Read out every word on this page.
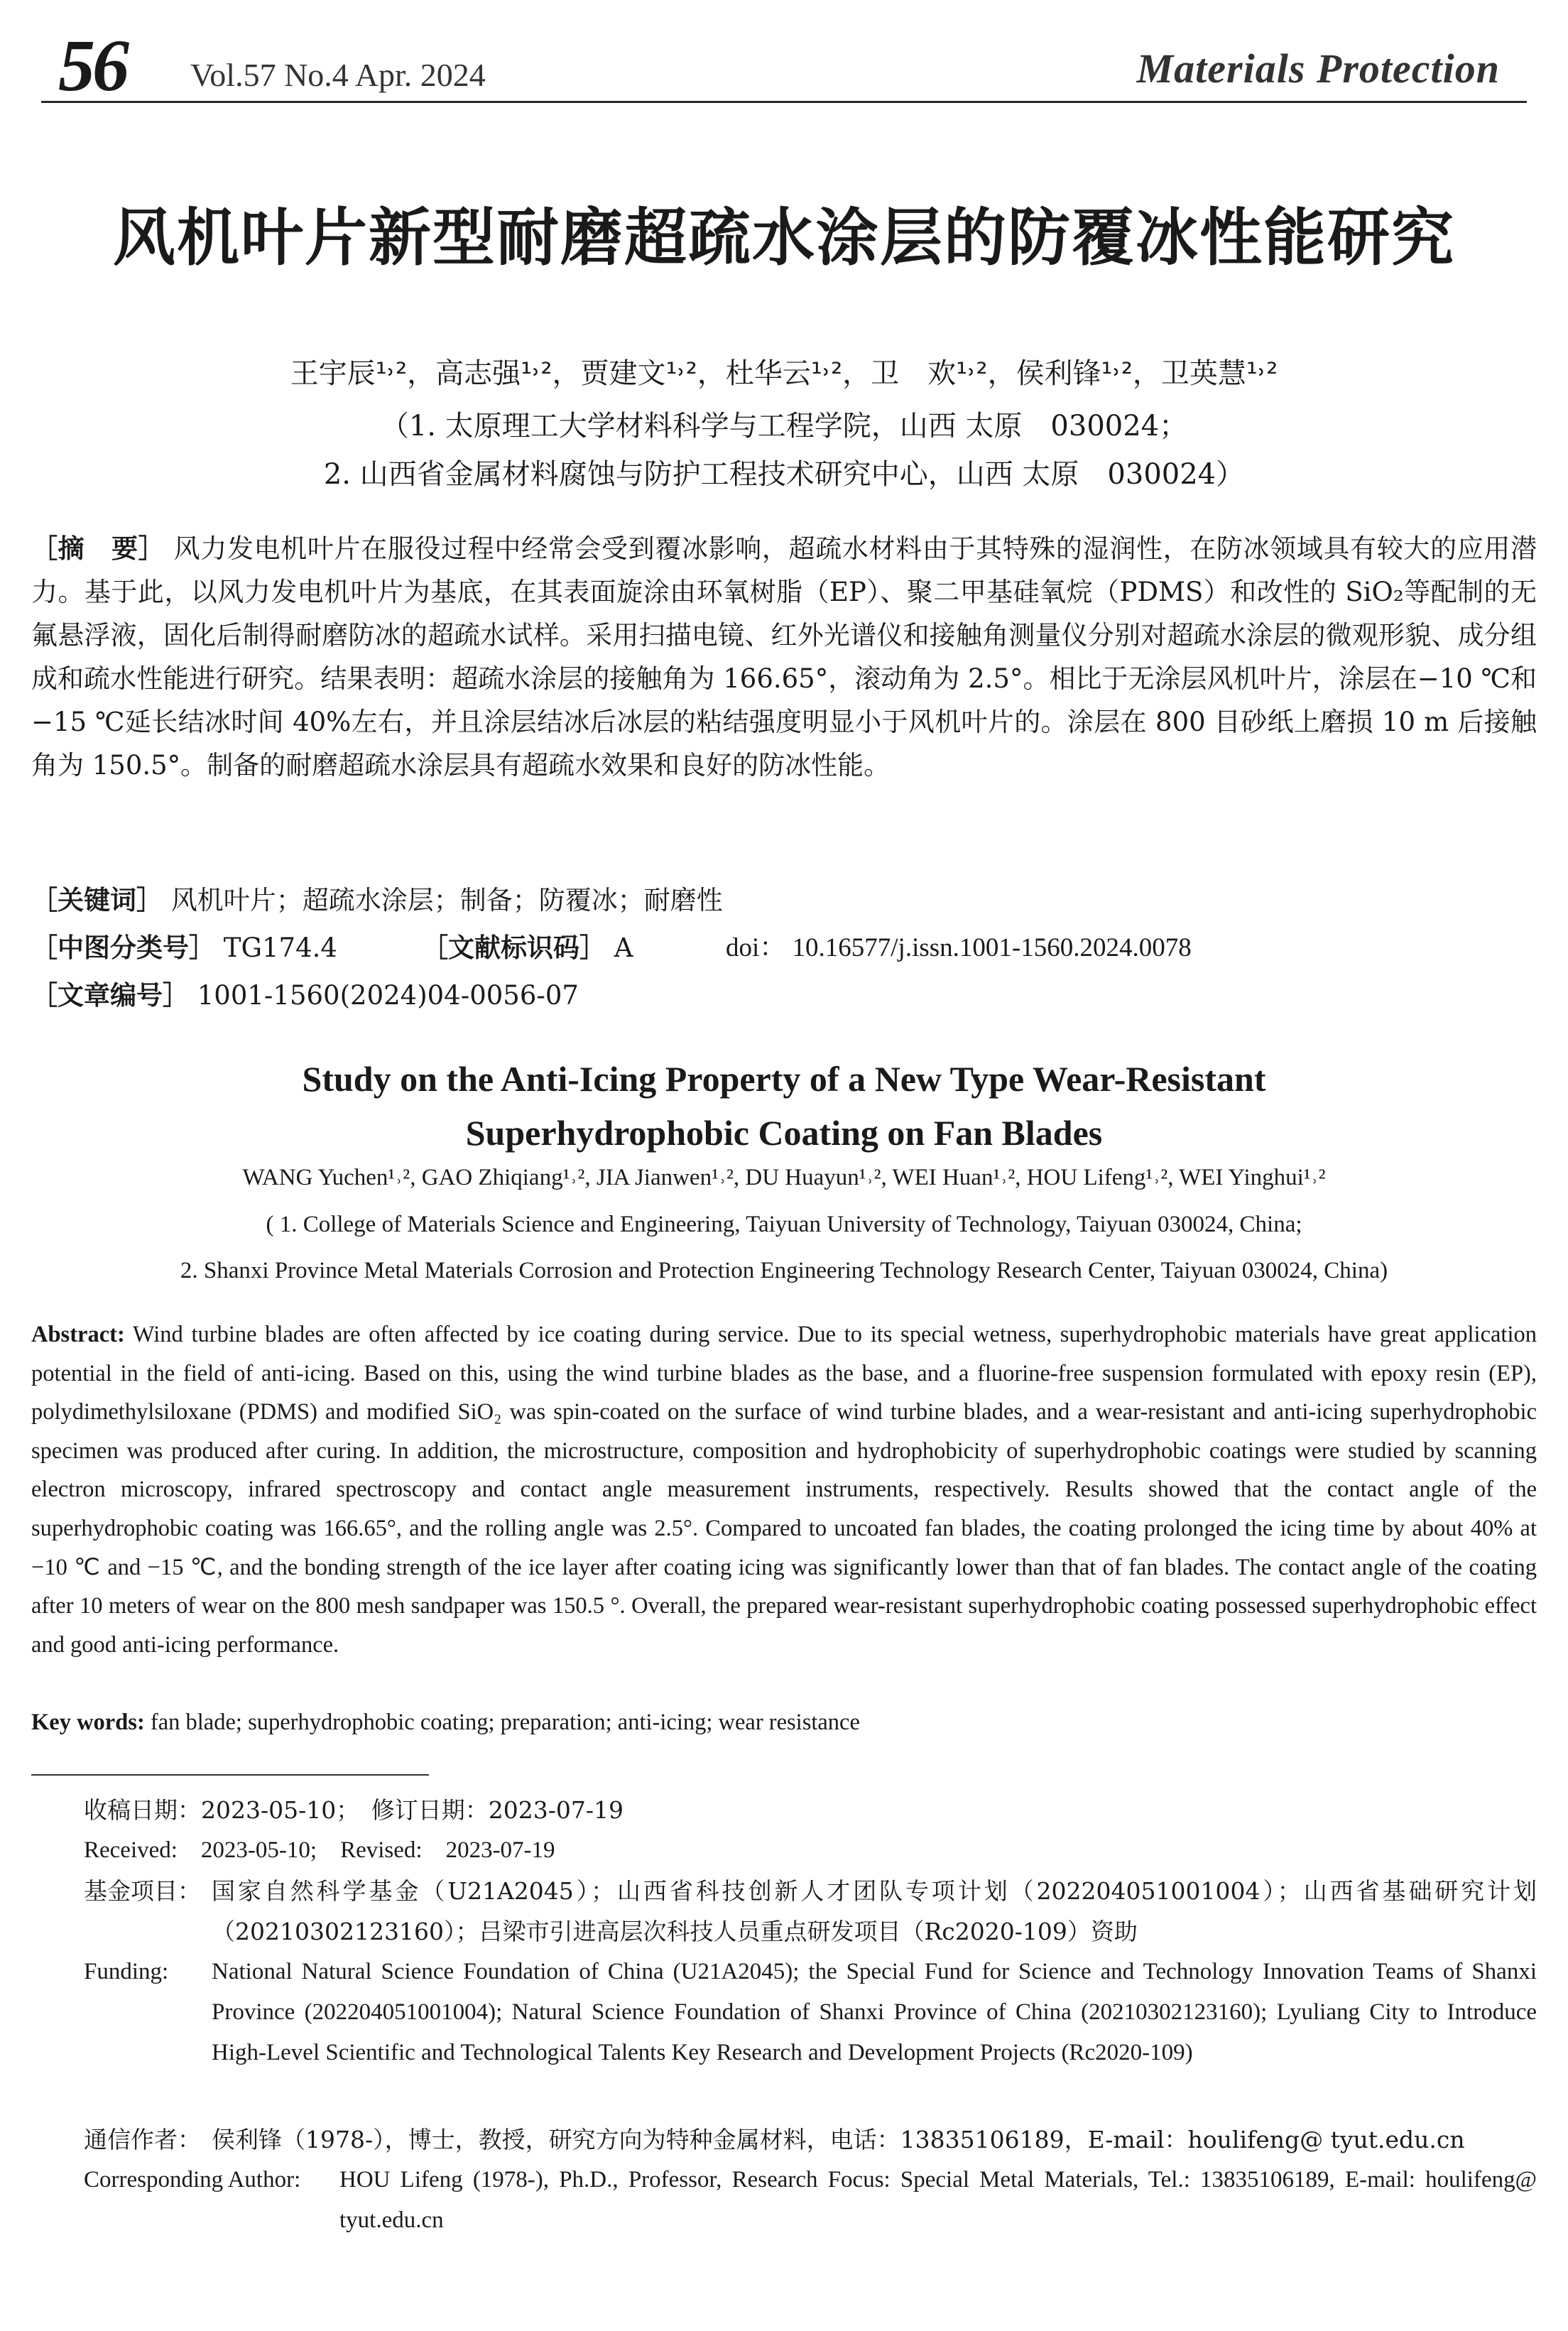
56 Vol.57 No.4 Apr. 2024	Materials Protection
风机叶片新型耐磨超疏水涂层的防覆冰性能研究
王宇辰¹˒²，高志强¹˒²，贾建文¹˒²，杜华云¹˒²，卫　欢¹˒²，侯利锋¹˒²，卫英慧¹˒²
（1. 太原理工大学材料科学与工程学院，山西 太原　030024；
2. 山西省金属材料腐蚀与防护工程技术研究中心，山西 太原　030024）
［摘　要］ 风力发电机叶片在服役过程中经常会受到覆冰影响，超疏水材料由于其特殊的湿润性，在防冰领域具有较大的应用潜力。基于此，以风力发电机叶片为基底，在其表面旋涂由环氧树脂（EP）、聚二甲基硅氧烷（PDMS）和改性的 SiO₂等配制的无氟悬浮液，固化后制得耐磨防冰的超疏水试样。采用扫描电镜、红外光谱仪和接触角测量仪分别对超疏水涂层的微观形貌、成分组成和疏水性能进行研究。结果表明：超疏水涂层的接触角为 166.65°，滚动角为 2.5°。相比于无涂层风机叶片，涂层在−10 ℃和−15 ℃延长结冰时间 40%左右，并且涂层结冰后冰层的粘结强度明显小于风机叶片的。涂层在 800 目砂纸上磨损 10 m 后接触角为 150.5°。制备的耐磨超疏水涂层具有超疏水效果和良好的防冰性能。
［关键词］ 风机叶片；超疏水涂层；制备；防覆冰；耐磨性
［中图分类号］ TG174.4	［文献标识码］ A	doi： 10.16577/j.issn.1001-1560.2024.0078
［文章编号］ 1001-1560(2024)04-0056-07
Study on the Anti-Icing Property of a New Type Wear-Resistant
Superhydrophobic Coating on Fan Blades
WANG Yuchen¹˒², GAO Zhiqiang¹˒², JIA Jianwen¹˒², DU Huayun¹˒², WEI Huan¹˒², HOU Lifeng¹˒², WEI Yinghui¹˒²
( 1. College of Materials Science and Engineering, Taiyuan University of Technology, Taiyuan 030024, China;
2. Shanxi Province Metal Materials Corrosion and Protection Engineering Technology Research Center, Taiyuan 030024, China)
Abstract: Wind turbine blades are often affected by ice coating during service. Due to its special wetness, superhydrophobic materials have great application potential in the field of anti-icing. Based on this, using the wind turbine blades as the base, and a fluorine-free suspension formulated with epoxy resin (EP), polydimethylsiloxane (PDMS) and modified SiO₂ was spin-coated on the surface of wind turbine blades, and a wear-resistant and anti-icing superhydrophobic specimen was produced after curing. In addition, the microstructure, composition and hydrophobicity of superhydrophobic coatings were studied by scanning electron microscopy, infrared spectroscopy and contact angle measurement instruments, respectively. Results showed that the contact angle of the superhydrophobic coating was 166.65°, and the rolling angle was 2.5°. Compared to uncoated fan blades, the coating prolonged the icing time by about 40% at −10 ℃ and −15 ℃, and the bonding strength of the ice layer after coating icing was significantly lower than that of fan blades. The contact angle of the coating after 10 meters of wear on the 800 mesh sandpaper was 150.5 °. Overall, the prepared wear-resistant superhydrophobic coating possessed superhydrophobic effect and good anti-icing performance.
Key words: fan blade; superhydrophobic coating; preparation; anti-icing; wear resistance
收稿日期：2023-05-10；　修订日期：2023-07-19
Received:　2023-05-10;　Revised:　2023-07-19
基金项目： 国家自然科学基金（U21A2045）；山西省科技创新人才团队专项计划（202204051001004）；山西省基础研究计划（20210302123160）；吕梁市引进高层次科技人员重点研发项目（Rc2020-109）资助
Funding: National Natural Science Foundation of China (U21A2045); the Special Fund for Science and Technology Innovation Teams of Shanxi Province (202204051001004); Natural Science Foundation of Shanxi Province of China (20210302123160); Lyuliang City to Introduce High-Level Scientific and Technological Talents Key Research and Development Projects (Rc2020-109)
通信作者： 侯利锋（1978-），博士，教授，研究方向为特种金属材料，电话：13835106189，E-mail：houlifeng@ tyut.edu.cn
Corresponding Author: HOU Lifeng (1978-), Ph.D., Professor, Research Focus: Special Metal Materials, Tel.: 13835106189, E-mail: houlifeng@ tyut.edu.cn
